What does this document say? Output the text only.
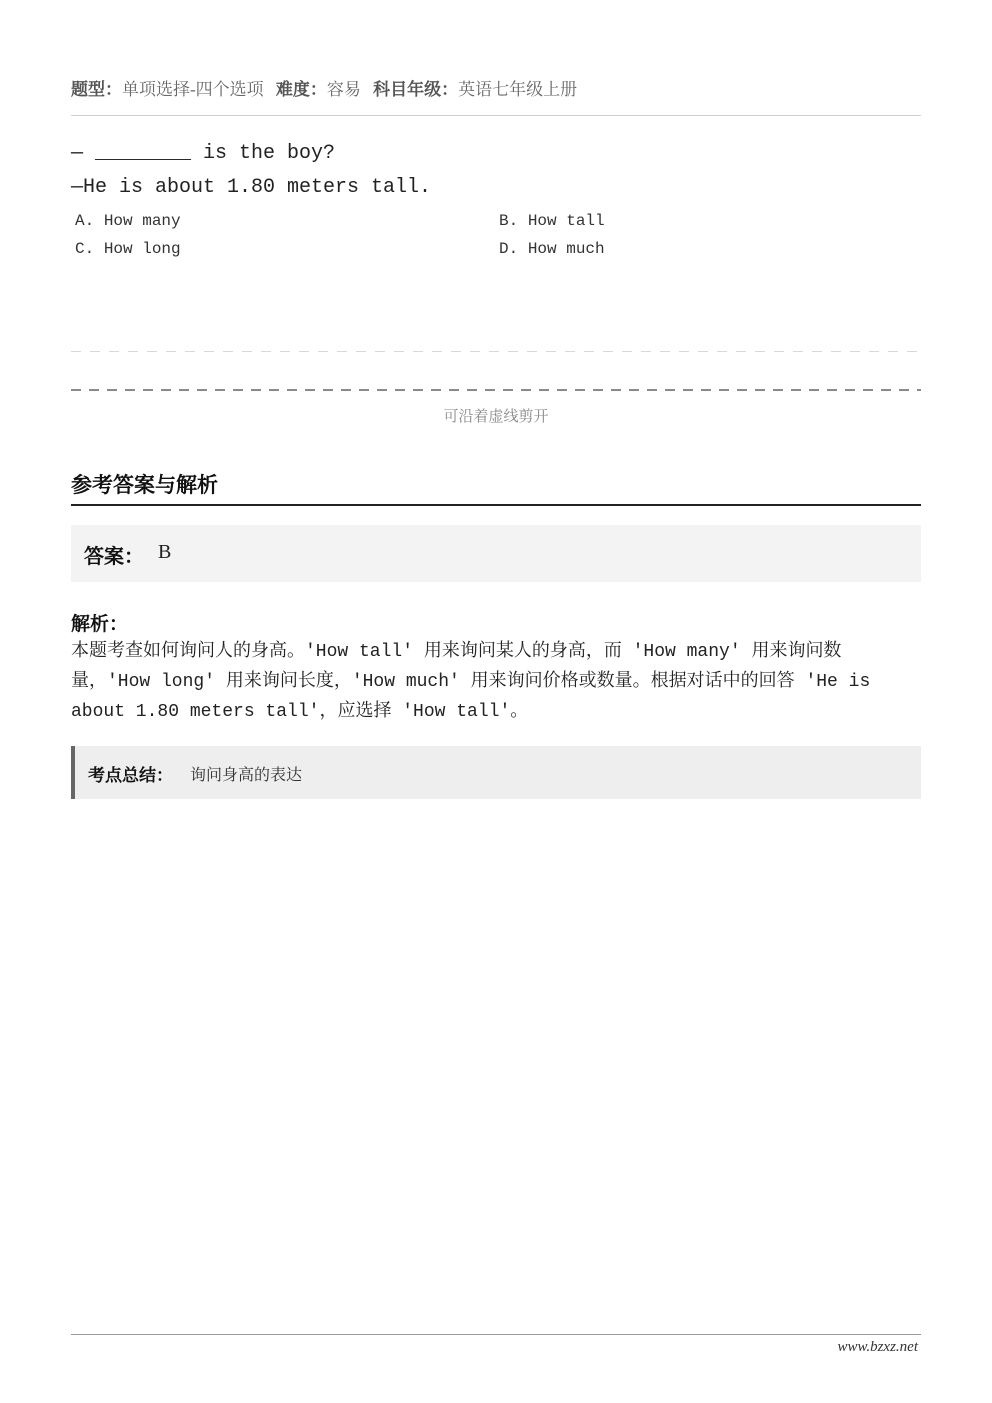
题型：单项选择-四个选项 难度：容易 科目年级：英语七年级上册
— ________ is the boy?
—He is about 1.80 meters tall.
A. How many	B. How tall
C. How long	D. How much
可沿着虚线剪开
参考答案与解析
答案： B
解析：
本题考查如何询问人的身高。'How tall' 用来询问某人的身高，而 'How many' 用来询问数
量，'How long' 用来询问长度，'How much' 用来询问价格或数量。根据对话中的回答 'He is
about 1.80 meters tall'，应选择 'How tall'。
考点总结： 询问身高的表达
www.bzxz.net
